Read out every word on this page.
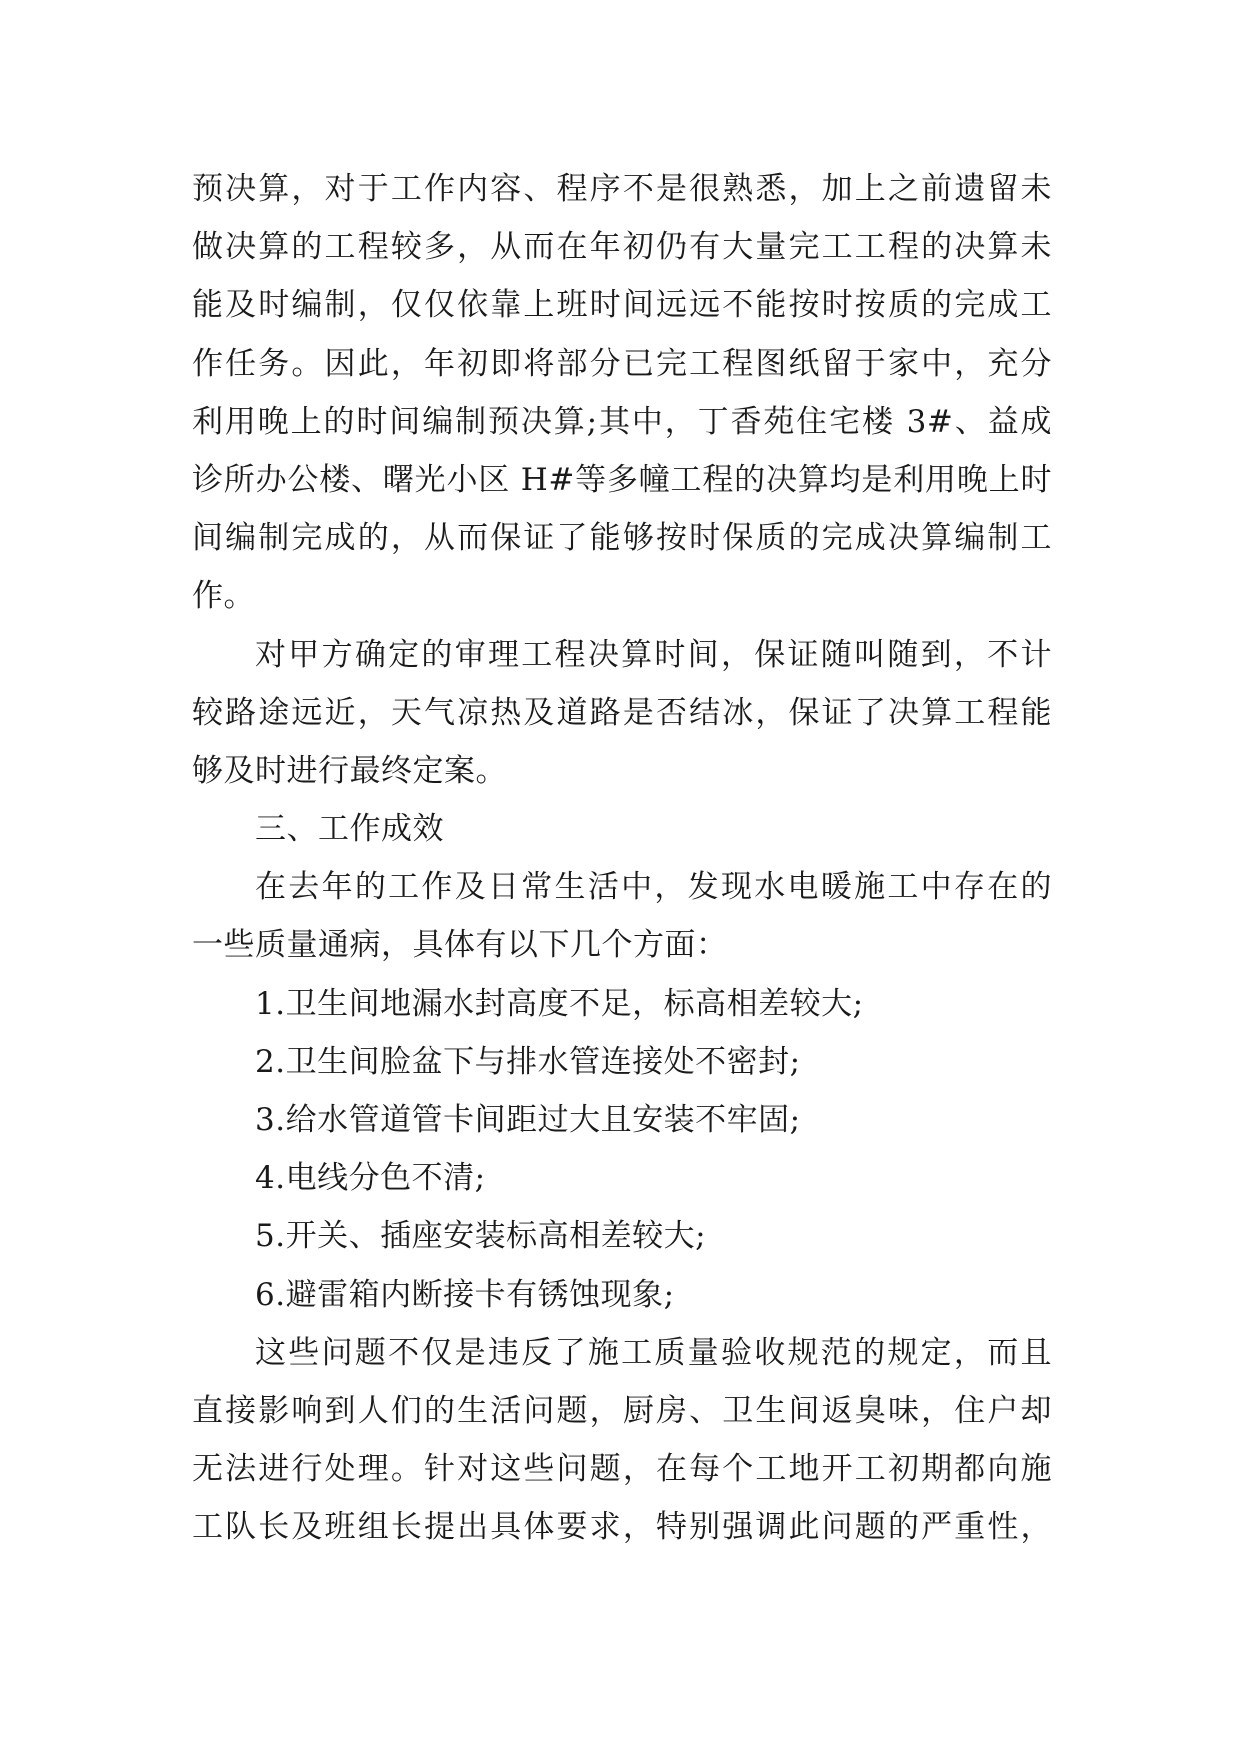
预决算，对于工作内容、程序不是很熟悉，加上之前遗留未
做决算的工程较多，从而在年初仍有大量完工工程的决算未
能及时编制，仅仅依靠上班时间远远不能按时按质的完成工
作任务。因此，年初即将部分已完工程图纸留于家中，充分
利用晚上的时间编制预决算;其中，丁香苑住宅楼 3#、益成
诊所办公楼、曙光小区 H#等多幢工程的决算均是利用晚上时
间编制完成的，从而保证了能够按时保质的完成决算编制工
作。
对甲方确定的审理工程决算时间，保证随叫随到，不计
较路途远近，天气凉热及道路是否结冰，保证了决算工程能
够及时进行最终定案。
三、工作成效
在去年的工作及日常生活中，发现水电暖施工中存在的
一些质量通病，具体有以下几个方面：
1.卫生间地漏水封高度不足，标高相差较大;
2.卫生间脸盆下与排水管连接处不密封;
3.给水管道管卡间距过大且安装不牢固;
4.电线分色不清;
5.开关、插座安装标高相差较大;
6.避雷箱内断接卡有锈蚀现象;
这些问题不仅是违反了施工质量验收规范的规定，而且
直接影响到人们的生活问题，厨房、卫生间返臭味，住户却
无法进行处理。针对这些问题，在每个工地开工初期都向施
工队长及班组长提出具体要求，特别强调此问题的严重性，
